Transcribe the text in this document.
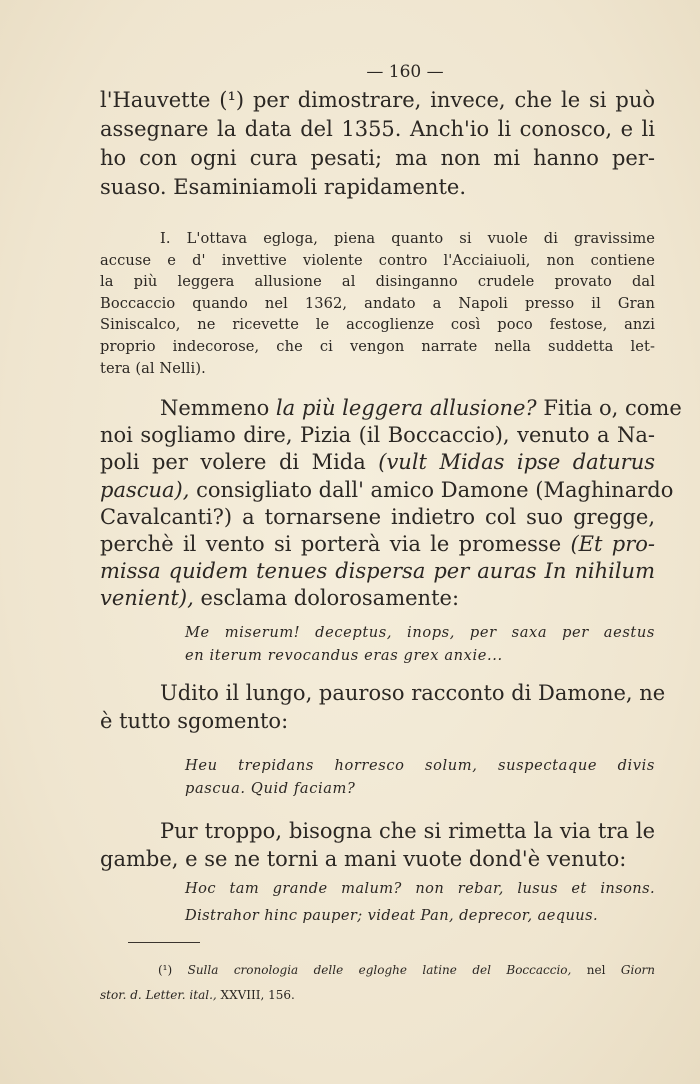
— 160 —
l'Hauvette (¹) per dimostrare, invece, che le si può
assegnare la data del 1355. Anch'io li conosco, e li
ho con ogni cura pesati; ma non mi hanno per-
suaso. Esaminiamoli rapidamente.
I. L'ottava egloga, piena quanto si vuole di gravissime
accuse e d' invettive violente contro l'Acciaiuoli, non contiene
la più leggera allusione al disinganno crudele provato dal
Boccaccio quando nel 1362, andato a Napoli presso il Gran
Siniscalco, ne ricevette le accoglienze così poco festose, anzi
proprio indecorose, che ci vengon narrate nella suddetta let-
tera (al Nelli).
Nemmeno la più leggera allusione? Fitia o, come
noi sogliamo dire, Pizia (il Boccaccio), venuto a Na-
poli per volere di Mida (vult Midas ipse daturus
pascua), consigliato dall' amico Damone (Maghinardo
Cavalcanti?) a tornarsene indietro col suo gregge,
perchè il vento si porterà via le promesse (Et pro-
missa quidem tenues dispersa per auras In nihilum
venient), esclama dolorosamente:
Me miserum! deceptus, inops, per saxa per aestus
en iterum revocandus eras grex anxie...
Udito il lungo, pauroso racconto di Damone, ne
è tutto sgomento:
Heu trepidans horresco solum, suspectaque divis
pascua. Quid faciam?
Pur troppo, bisogna che si rimetta la via tra le
gambe, e se ne torni a mani vuote dond'è venuto:
Hoc tam grande malum? non rebar, lusus et insons.
Distrahor hinc pauper; videat Pan, deprecor, aequus.
(¹) Sulla cronologia delle egloghe latine del Boccaccio, nel Giorn
stor. d. Letter. ital., XXVIII, 156.
